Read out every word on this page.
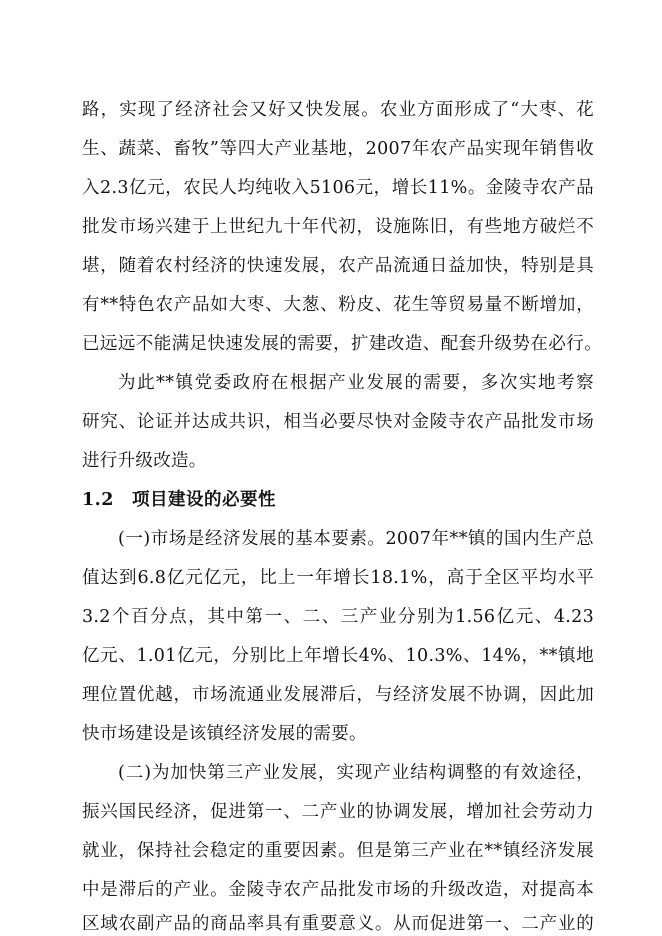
路，实现了经济社会又好又快发展。农业方面形成了“大枣、花
生、蔬菜、畜牧”等四大产业基地，2007年农产品实现年销售收
入2.3亿元，农民人均纯收入5106元，增长11%。金陵寺农产品
批发市场兴建于上世纪九十年代初，设施陈旧，有些地方破烂不
堪，随着农村经济的快速发展，农产品流通日益加快，特别是具
有**特色农产品如大枣、大葱、粉皮、花生等贸易量不断增加，
已远远不能满足快速发展的需要，扩建改造、配套升级势在必行。
为此**镇党委政府在根据产业发展的需要，多次实地考察
研究、论证并达成共识，相当必要尽快对金陵寺农产品批发市场
进行升级改造。
1.2　项目建设的必要性
(一)市场是经济发展的基本要素。2007年**镇的国内生产总
值达到6.8亿元亿元，比上一年增长18.1%，高于全区平均水平
3.2个百分点，其中第一、二、三产业分别为1.56亿元、4.23
亿元、1.01亿元，分别比上年增长4%、10.3%、14%，**镇地
理位置优越，市场流通业发展滞后，与经济发展不协调，因此加
快市场建设是该镇经济发展的需要。
(二)为加快第三产业发展，实现产业结构调整的有效途径，
振兴国民经济，促进第一、二产业的协调发展，增加社会劳动力
就业，保持社会稳定的重要因素。但是第三产业在**镇经济发展
中是滞后的产业。金陵寺农产品批发市场的升级改造，对提高本
区域农副产品的商品率具有重要意义。从而促进第一、二产业的
